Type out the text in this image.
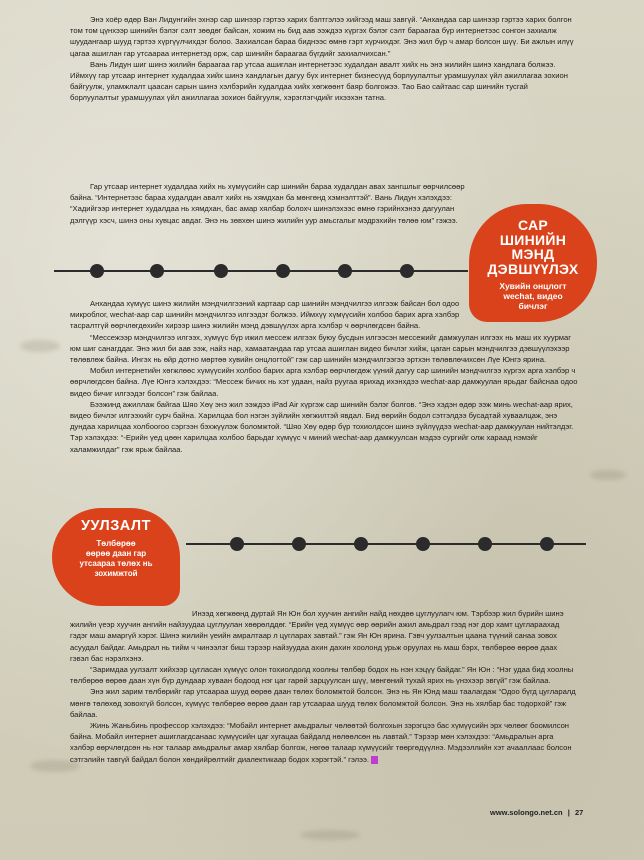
Энэ хоёр өдөр Ван Лидунгийн эхнэр сар шинээр гэртээ харих бэлтгэлээ хийгээд маш завгүй. “Анхандаа сар шинээр гэртээ харих болгон том том цүнхээр шинийн бэлэг сэлт зөөдөг байсан, хожим нь бид аав ээждээ хүргэх бэлэг сэлт бараагаа бүр интернетээс сонгон захиалж шуудангаар шууд гэртээ хүргүүлчихдэг болоо. Захиалсан бараа биднээс өмнө гэрт хүрчихдэг. Энэ жил бүр ч амар болсон шүү. Би ажлын илүү цагаа ашиглан гар утсаараа интернетэд орж, сар шинийн бараагаа бүгдийг захиалчихсан.”

Вань Лидун шиг шинэ жилийн бараагаа гар утсаа ашиглан интернетээс худалдан авалт хийх нь энэ жилийн шинэ хандлага болжээ. Иймхүү гар утсаар интернет худалдаа хийх шинэ хандлагын дагуу бүх интернет бизнесүүд борлуулалтыг урамшуулах үйл ажиллагаа зохион байгуулж, уламжлалт цаасан сарын шинэ хэлбэрийн худалдаа хийх хөгжөөнт баяр болгожээ. Тао Бао сайтаас сар шинийн тусгай борлуулалтыг урамшуулах үйл ажиллагаа зохион байгуулж, хэрэглэгчдийг ихээхэн татна.

Гар утсаар интернет худалдаа хийх нь хүмүүсийн сар шинийн бараа худалдан авах зангшлыг өөрчилсөөр байна. “Интернетээс бараа худалдан авалт хийх нь хямдхан ба мөнгөнд хэмнэлттэй”. Вань Лидун хэлэхдээ: “Хадийгээр интернет худалдаа нь хямдхан, бас амар хялбар болохч шинэлэхээс өмнө гэрийнхэнээ дагуулан дэлгүүр хэсч, шинэ оны хувцас авдаг. Энэ нь зөвхөн шинэ жилийн уур амьсгалыг мэдрэхийн төлөө юм” гэжээ.	САР
ШИНИЙН
МЭНД
ДЭВШҮҮЛЭХ
Хувийн онцлогт
wechat, видео
бичлэг

Анхандаа хүмүүс шинэ жилийн мэндчилгээний картаар сар шинийн мэндчилгээ илгээж байсан бол одоо микроблог, wechat-аар сар шинийн мэндчилгээ илгээдэг болжээ. Иймхүү хүмүүсийн холбоо барих арга хэлбэр тасралтгүй өөрчлөгдөхийн хирээр шинэ жилийн мэнд дэвшүүлэх арга хэлбэр ч өөрчлөгдсөн байна.

“Мессежээр мэндчилгээ илгээх, хүмүүс бүр ижил мессеж илгээх буюу бусдын илгээсэн мессежийг дамжуулан илгээх нь маш их хуурмаг юм шиг санагддаг. Энэ жил би аав ээж, найз нар, хамаатандаа гар утсаа ашиглан видео бичлэг хийж, цаган сарын мэндчилгээ дэвшүүлэхээр төлөвлөж байна. Ингэх нь өйр дотно мөртөө хувийн онцлогтой” гэж сар шинийн мэндчилгээгээ эртхэн төлөвлөчихсөн Лүе Юнгэ ярина.

Мобил интернетийн хөгжлөөс хүмүүсийн холбоо барих арга хэлбэр өөрчлөгдөж үүний дагуу сар шинийн мэндчилгээ хүргэх арга хэлбэр ч өөрчлөгдсөн байна. Лүе Юнгэ хэлэхдээ: “Мессеж бичих нь хэт удаан, найз руугаа ярихад ихэнхдээ wechat-аар дамжуулан ярьдаг байснаа одоо видео бичиг илгээдэг болсон” гэж байлаа.

Бээжинд ажиллаж байгаа Шяо Хөү энэ жил ээждээ iPad Air хүргэж сар шинийн бэлэг болгов. “Энэ хэдэн өдөр ээж минь wechat-аар ярих, видео бичлэг илгээхийг сурч байна. Харилцаа бол нэгэн зүйлийн хөгжилтэй явдал. Бид өөрийн бодол сэтгэлдээ бусадтай хуваалцаж, энэ дундаа харилцаа холбоогоо сэргээн бэхжүүлэж боломжтой. “Шяо Хөү өдөр бүр тохиолдсон шинэ зүйлүүдээ wechat-аар дамжуулан нийтэлдэг. Тэр хэлэхдээ: “-Ерийн үед цөөн харилцаа холбоо барьдаг хүмүүс ч миний wechat-аар дамжуулсан мэдээ сургийг олж харaад нэмэйг халамжилдаг” гэж ярьж байлаа.

УУЛЗАЛТ
Төлбөрөө
өөрөө даан гар
утсаараа төлөх нь
зохимжтой

Инээд хөгжөөнд дуртай Ян Юн бол хуучин ангийн найд нөхдөө цуглуулагч юм. Тэрбээр жил бүрийн шинэ жилийн үеэр хуучин ангийн найзуудаа цуглуулан хөөрөлддөг. “Ерийн үед хүмүүс өөр өөрийн ажил амьдрал гээд нэг дор хамт цуглараахад гэдэг маш амаргүй хэрэг. Шинэ жилийн үеийн амралтаар л цуглараx завтай.” гэж Ян Юн ярина. Гэвч уулзалтын цаана түүний санаа зовох асуудал байдаг. Амьдрал нь тийм ч чинээлэг биш тэрээр найзуудаа ахин дахин хоолонд урьж оруулах нь маш бэрх, төлбөрөө өөрөө даах гэвэл бас нэрэлхэнэ.

“Заримдаа уулзалт хийхээр цугласан хүмүүс олон тохиолдолд хоолны төлбөр бодох нь нэн хэцүү байдаг.” Ян Юн : “Нэг удаа бид хоолны төлбөрөө өөрөө даан хүн бүр дундаар хуваан бодоод нэг цаг гарөй зарцуулсан шүү, мөнгөний тухай ярих нь үнэхээр эвгүй” гэж байлаа.

Энэ жил зарим төлбөрийг гар утсаараа шууд өөрөө даан төлөх боломжтой болсон. Энэ нь Ян Юнд маш таалагдаж “Одоо бүгд цугларалд мөнгө төлөхөд зовохгүй болсон, хүмүүс төлбөрөө өөрөө даан гар утсаараа шууд төлөх боломжтой болсон. Энэ нь хялбар бас тодорхой” гэж байлаа.

Жинь Жаньбинь профессор хэлэхдээ: “Мобайл интернет амьдралыг чөлөөтэй болгохын зэрэгцээ бас хүмүүсийн эрх чөлөөг боомилсон байна. Мобайл интернет ашиглагдсанаас хүмүүсийн цаг хугацаа байдалд нөлөөлсөн нь лавтай.” Тэрээр мөн хэлэхдээ: “Амьдралын арга хэлбэр өөрчлөгдсөн нь нэг талаар амьдралыг амар хялбар болгож, нөгөө талаар хүмүүсийг төөргөдүүлнэ. Мэдээллийн хэт ачааллаас болсон сэтгэлийн тавгүй байдал болон хөндийрөлтийг диалектикаар бодох хэрэгтэй.” гэлээ.

www.solongo.net.cn | 27
